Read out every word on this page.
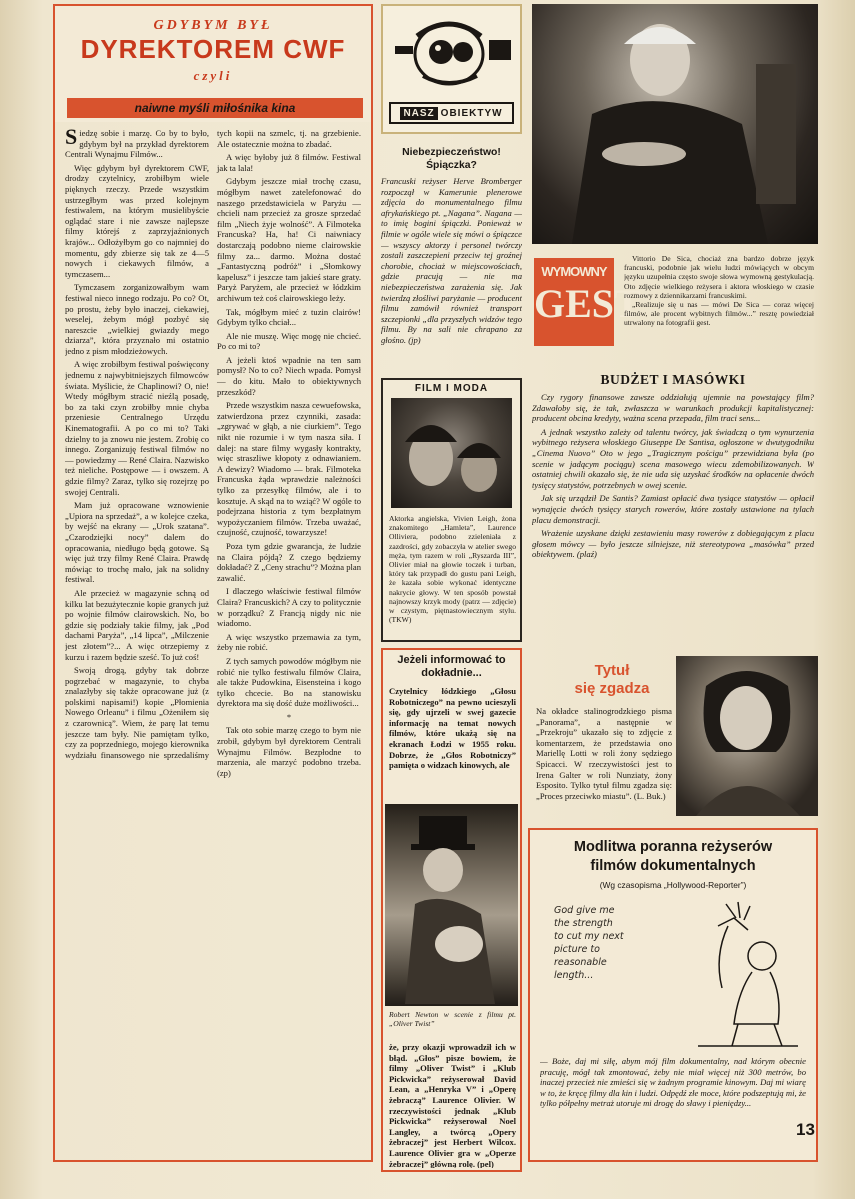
GDYBYM BYŁ
DYREKTOREM CWF
czyli
naiwne myśli miłośnika kina

Siedzę sobie i marzę. Co by to było, gdybym był na przykład dyrektorem Centrali Wynajmu Filmów...

Więc gdybym był dyrektorem CWF, drodzy czytelnicy, zrobiłbym wiele pięknych rzeczy. Przede wszystkim ustrzegłbym was przed kolejnym festiwalem, na którym musielibyście oglądać stare i nie zawsze najlepsze filmy którejś z zaprzyjaźnionych krajów... Odłożyłbym go co najmniej do momentu, gdy zbierze się tak ze 4—5 nowych i ciekawych filmów, a tymczasem...

Tymczasem zorganizowałbym wam festiwal nieco innego rodzaju. Po co? Ot, po prostu, żeby było inaczej, ciekawiej, weselej, żebym mógł pozbyć się nareszcie „wielkiej gwiazdy mego dziarza”, która przyznało mi ostatnio jedno z pism młodzieżowych.

A więc zrobiłbym festiwal poświęcony jednemu z najwybitniejszych filmowców świata. Myślicie, że Chaplinowi? O, nie! Wtedy mógłbym stracić nieźlą posadę, bo za taki czyn zrobiłby mnie chyba przeniesie Centralnego Urzędu Kinematografii. A po co mi to? Taki dzielny to ja znowu nie jestem. Zrobię co innego. Zorganizuję festiwal filmów no — powiedzmy — René Claira. Nazwisko też nieliche. Postępowe — i owszem. A gdzie filmy? Zaraz, tylko się rozejrzę po swojej Centrali.

Mam już opracowane wznowienie „Upiora na sprzedaż”, a w kolejce czeka, by wejść na ekrany — „Urok szatana”. „Czarodziejki nocy” dalem do opracowania, niedługo będą gotowe. Są więc już trzy filmy René Claira. Prawdę mówiąc to trochę mało, jak na solidny festiwal.

Ale przecież w magazynie schną od kilku lat bezużytecznie kopie granych już po wojnie filmów clairowskich. No, bo gdzie się podziały takie filmy, jak „Pod dachami Paryża”, „14 lipca”, „Milczenie jest złotem”?... A więc otrzepiemy z kurzu i razem będzie sześć. To już coś!

Swoją drogą, gdyby tak dobrze pogrzebać w magazynie, to chyba znalazłyby się także opracowane już (z polskimi napisami!) kopie „Płomienia Nowego Orleanu” i filmu „Ożeniłem się z czarownicą”. Wiem, że parę lat temu jeszcze tam były. Nie pamiętam tylko, czy za poprzedniego, mojego kierownika wydziału finansowego nie sprzedaliśmy tych kopii na szmelc, tj. na grzebienie. Ale ostatecznie można to zbadać.

A więc byłoby już 8 filmów. Festiwal jak ta lala!

Gdybym jeszcze miał trochę czasu, mógłbym nawet zatelefonować do naszego przedstawiciela w Paryżu — chcieli nam przecież za grosze sprzedać film „Niech żyje wolność”. A Filmoteka Francuska? Ha, ha! Ci naiwniacy dostarczają podobno nieme clairowskie filmy za... darmo. Można dostać „Fantastyczną podróż” i „Słomkowy kapelusz” i jeszcze tam jakieś stare graty. Paryż Paryżem, ale przecież w łódzkim archiwum też coś clairowskiego leży.

Tak, mógłbym mieć z tuzin clairów! Gdybym tylko chciał...

Ale nie muszę. Więc mogę nie chcieć. Po co mi to?

A jeżeli ktoś wpadnie na ten sam pomysł? No to co? Niech wpada. Pomysł — do kitu. Mało to obiektywnych przeszkód?

Przede wszystkim nasza cewuefowska, zatwierdzona przez czynniki, zasada: „zgrywać w głąb, a nie ciurkiem”. Tego nikt nie rozumie i w tym nasza siła. I dalej: na stare filmy wygasły kontrakty, więc straszliwe kłopoty z odnawianiem. A dewizy? Wiadomo — brak. Filmoteka Francuska żąda wprawdzie należności tylko za przesyłkę filmów, ale i to kosztuje. A skąd na to wziąć? W ogóle to podejrzana historia z tym bezpłatnym wypożyczaniem filmów. Trzeba uważać, czujność, czujność, towarzysze!

Poza tym gdzie gwarancja, że ludzie na Claira pójdą? Z czego będziemy dokładać? Z „Ceny strachu”? Można plan zawalić.

I dlaczego właściwie festiwal filmów Claira? Francuskich? A czy to politycznie w porządku? Z Francją nigdy nic nie wiadomo.

A więc wszystko przemawia za tym, żeby nie robić.

Z tych samych powodów mógłbym nie robić nie tylko festiwalu filmów Claira, ale także Pudowkina, Eisensteina i kogo tylko chcecie. Bo na stanowisku dyrektora ma się dość duże możliwości...

*

Tak oto sobie marzę czego to bym nie zrobił, gdybym był dyrektorem Centrali Wynajmu Filmów. Bezpłodne to marzenia, ale marzyć podobno trzeba. (zp)

NASZ OBIEKTYW
Niebezpieczeństwo! Śpiączka?
Francuski reżyser Herve Bromberger rozpoczął w Kamerunie plenerowe zdjęcia do monumentalnego filmu afrykańskiego pt. „Nagana”. Nagana — to imię bogini śpiączki. Ponieważ w filmie w ogóle wiele się mówi o śpiączce — wszyscy aktorzy i personel twórczy zostali zaszczepieni przeciw tej groźnej chorobie, chociaż w miejscowościach, gdzie pracują — nie ma niebezpieczeństwa zarażenia się. Jak twierdzą złośliwi paryżanie — producent filmu zamówił również transport szczepionki „dla przyszłych widzów tego filmu. By na sali nie chrapano za głośno. (jp)
FILM I MODA
Aktorka angielska, Vivien Leigh, żona znakomitego „Hamleta”, Laurence Olliviera, podobno zzieleniała z zazdrości, gdy zobaczyła w atelier swego męża, tym razem w roli „Ryszarda III”, Olivier miał na głowie toczek i turban, który tak przypadł do gustu pani Leigh, że kazała sobie wykonać identyczne nakrycie głowy. W ten sposób powstał najnowszy krzyk mody (patrz — zdjęcie) w czystym, piętnastowiecznym stylu. (TKW)
Jeżeli informować to dokładnie...
Czytelnicy łódzkiego „Głosu Robotniczego” na pewno ucieszyli się, gdy ujrzeli w swej gazecie informację na temat nowych filmów, które ukażą się na ekranach Łodzi w 1955 roku. Dobrze, że „Głos Robotniczy” pamięta o widzach kinowych, ale
Robert Newton w scenie z filmu pt. „Oliver Twist”
że, przy okazji wprowadził ich w błąd. „Głos” pisze bowiem, że filmy „Oliver Twist” i „Klub Pickwicka” reżyserował David Lean, a „Henryka V” i „Operę żebraczą” Laurence Olivier. W rzeczywistości jednak „Klub Pickwicka” reżyserował Noel Langley, a twórcą „Opery żebraczej” jest Herbert Wilcox. Laurence Olivier gra w „Operze żebraczej” główną rolę. (pel)
WYMOWNY
GEST

Vittorio De Sica, chociaż zna bardzo dobrze język francuski, podobnie jak wielu ludzi mówiących w obcym języku uzupełnia często swoje słowa wymowną gestykulacją. Oto zdjęcie wielkiego reżysera i aktora włoskiego w czasie rozmowy z dziennikarzami francuskimi.

„Realizuje się u nas — mówi De Sica — coraz więcej filmów, ale procent wybitnych filmów...” resztę powiedział utrwalony na fotografii gest.

BUDŻET I MASÓWKI

Czy rygory finansowe zawsze oddziałują ujemnie na powstający film? Zdawałoby się, że tak, zwłaszcza w warunkach produkcji kapitalistycznej: producent obcina kredyty, ważna scena przepada, film traci sens...

A jednak wszystko zależy od talentu twórcy, jak świadczą o tym wynurzenia wybitnego reżysera włoskiego Giuseppe De Santisa, ogłoszone w dwutygodniku „Cinema Nuovo” Oto w jego „Tragicznym pościgu” przewidziana była (po scenie w jadącym pociągu) scena masowego wiecu zdemobilizowanych. W ostatniej chwili okazało się, że nie uda się uzyskać środków na opłacenie dwóch tysięcy statystów, potrzebnych w owej scenie.

Jak się urządził De Santis? Zamiast opłacić dwa tysiące statystów — opłacił wynajęcie dwóch tysięcy starych rowerów, które zostały ustawione na tylach placu demonstracji.

Wrażenie uzyskane dzięki zestawieniu masy rowerów z dobiegającym z placu głosem mówcy — było jeszcze silniejsze, niż stereotypowa „masówka” przed obiektywem. (plaź)

Tytuł
się zgadza
Na okładce stalinogrodzkiego pisma „Panorama”, a następnie w „Przekroju” ukazało się to zdjęcie z komentarzem, że przedstawia ono Mariellę Lotti w roli żony sędziego Spicacci. W rzeczywistości jest to Irena Galter w roli Nunziaty, żony Esposito. Tylko tytuł filmu zgadza się: „Proces przeciwko miastu”. (L. Buk.)
Modlitwa poranna reżyserów
filmów dokumentalnych
(Wg czasopisma „Hollywood-Reporter”)
God give me
the strength
to cut my next
picture to
reasonable
length...
— Boże, daj mi siłę, abym mój film dokumentalny, nad którym obecnie pracuję, mógł tak zmontować, żeby nie miał więcej niż 300 metrów, bo inaczej przecież nie zmieści się w żadnym programie kinowym. Daj mi wiarę w to, że kręcę filmy dla kin i ludzi. Odpędź złe moce, które podszeptują mi, że tylko półpełny metraż utoruje mi drogę do sławy i pieniędzy...
13
